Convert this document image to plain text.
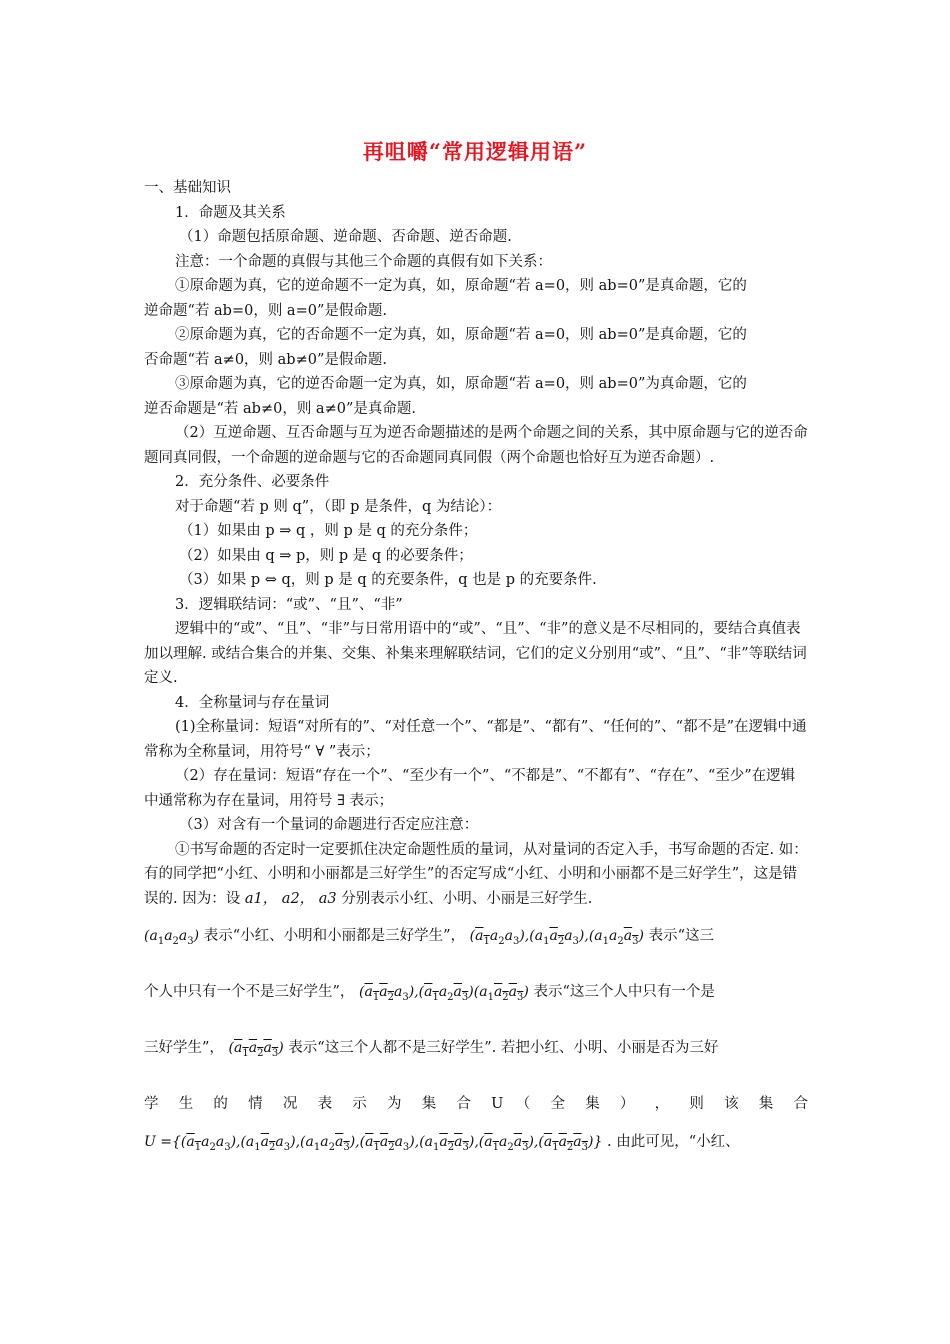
再咀嚼“常用逻辑用语”

一、基础知识

1．命题及其关系

（1）命题包括原命题、逆命题、否命题、逆否命题.

注意：一个命题的真假与其他三个命题的真假有如下关系：

①原命题为真，它的逆命题不一定为真，如，原命题“若 a=0，则 ab=0”是真命题，它的

逆命题“若 ab=0，则 a=0”是假命题.

②原命题为真，它的否命题不一定为真，如，原命题“若 a=0，则 ab=0”是真命题，它的

否命题“若 a≠0，则 ab≠0”是假命题.

③原命题为真，它的逆否命题一定为真，如，原命题“若 a=0，则 ab=0”为真命题，它的

逆否命题是“若 ab≠0，则 a≠0”是真命题.

（2）互逆命题、互否命题与互为逆否命题描述的是两个命题之间的关系，其中原命题与它的逆否命题同真同假，一个命题的逆命题与它的否命题同真同假（两个命题也恰好互为逆否命题）.

2．充分条件、必要条件

对于命题“若 p 则 q”，（即 p 是条件，q 为结论）：

（1）如果由 p ⇒ q ，则 p 是 q 的充分条件；

（2）如果由 q ⇒ p，则 p 是 q 的必要条件；

（3）如果 p ⇔ q，则 p 是 q 的充要条件，q 也是 p 的充要条件.

3．逻辑联结词：“或”、“且”、“非”

逻辑中的“或”、“且”、“非”与日常用语中的“或”、“且”、“非”的意义是不尽相同的，要结合真值表加以理解. 或结合集合的并集、交集、补集来理解联结词，它们的定义分别用“或”、“且”、“非”等联结词定义.

4．全称量词与存在量词

(1)全称量词：短语“对所有的”、“对任意一个”、“都是”、“都有”、“任何的”、“都不是”在逻辑中通常称为全称量词，用符号“ ∀ ”表示；

（2）存在量词：短语“存在一个”、“至少有一个”、“不都是”、“不都有”、“存在”、“至少”在逻辑中通常称为存在量词，用符号 ∃ 表示；

（3）对含有一个量词的命题进行否定应注意：

①书写命题的否定时一定要抓住决定命题性质的量词，从对量词的否定入手，书写命题的否定. 如：有的同学把“小红、小明和小丽都是三好学生”的否定写成“小红、小明和小丽都不是三好学生”，这是错误的. 因为：设 a1， a2， a3 分别表示小红、小明、小丽是三好学生.

$(a_1a_2a_3)$ 表示“小红、小明和小丽都是三好学生”， $(a_1a_2a_3),(a_1a_2a_3),(a_1a_2a_3)$ 表示“这三

个人中只有一个不是三好学生”， $(a_1a_2a_3),(a_1a_2a_3)(a_1a_2a_3)$ 表示“这三个人中只有一个是

三好学生”， $(a_1a_2a_3)$ 表示“这三个人都不是三好学生”. 若把小红、小明、小丽是否为三好

学 生 的 情 况 表 示 为 集 合 U （ 全 集 ） ， 则 该 集 合

$U =\{(a_1a_2a_3),(a_1a_2a_3),(a_1a_2a_3),(a_1a_2a_3),(a_1a_2a_3),(a_1a_2a_3),(a_1a_2a_3)\}$ . 由此可见，“小红、
